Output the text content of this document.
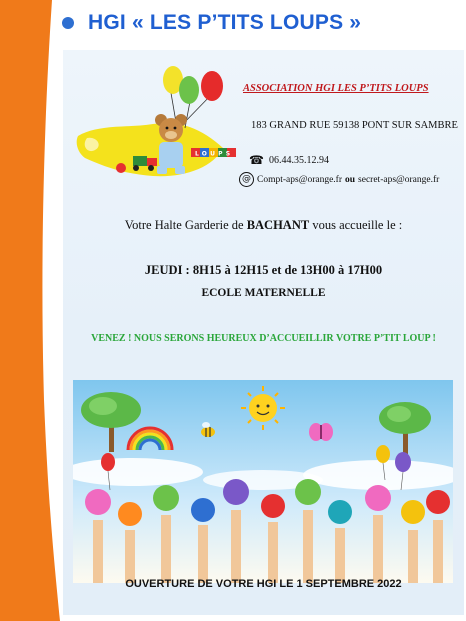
HGI « LES P’TITS LOUPS »
LOUPS
ASSOCIATION HGI LES P’TITS LOUPS
183 GRAND RUE 59138 PONT SUR SAMBRE
☎ 06.44.35.12.94
@ Compt-aps@orange.fr ou secret-aps@orange.fr
Votre Halte Garderie de BACHANT vous accueille le :
JEUDI : 8H15 à 12H15 et de 13H00 à 17H00
ECOLE MATERNELLE
VENEZ ! NOUS SERONS HEUREUX D’ACCUEILLIR VOTRE P’TIT LOUP !
OUVERTURE DE VOTRE HGI LE 1 SEPTEMBRE 2022
